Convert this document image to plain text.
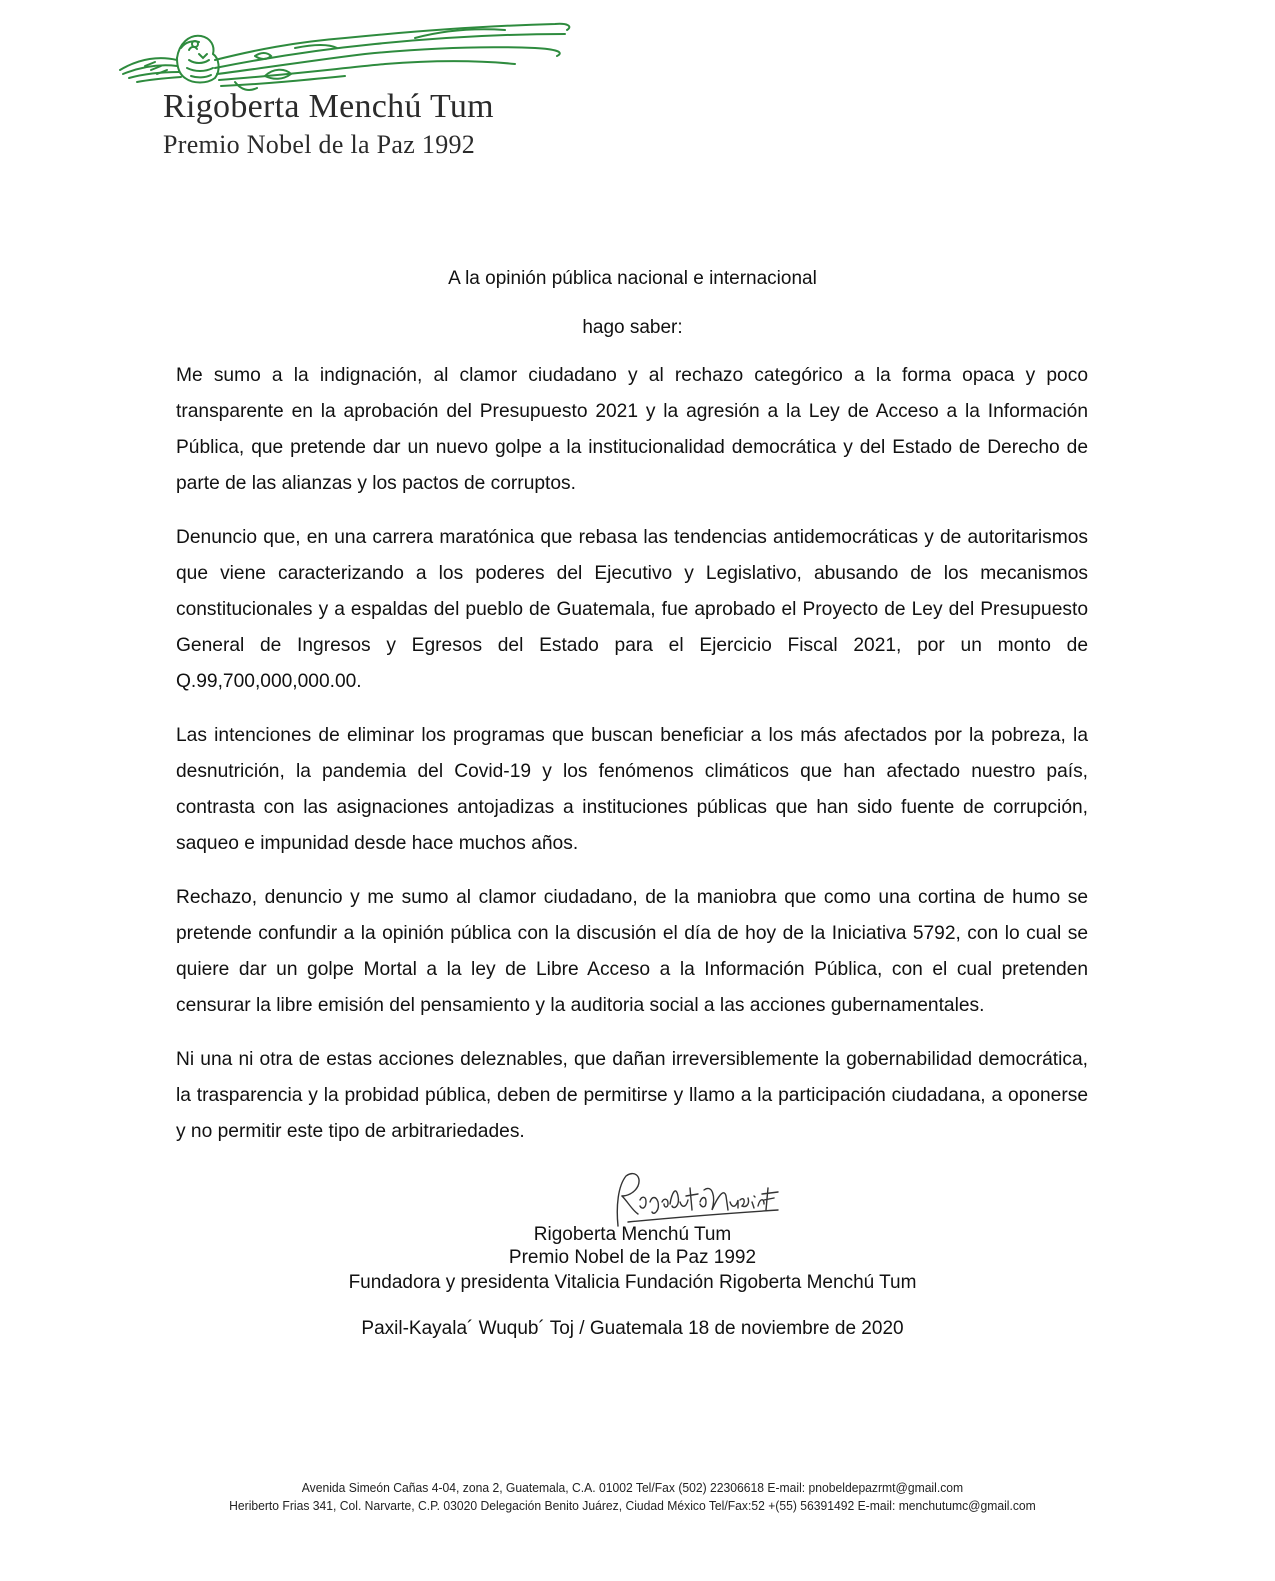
Rigoberta Menchú Tum
Premio Nobel de la Paz 1992
A la opinión pública nacional e internacional
hago saber:

Me sumo a la indignación, al clamor ciudadano y al rechazo categórico a la forma opaca y poco transparente en la aprobación del Presupuesto 2021 y la agresión a la Ley de Acceso a la Información Pública, que pretende dar un nuevo golpe a la institucionalidad democrática y del Estado de Derecho de parte de las alianzas y los pactos de corruptos.

Denuncio que, en una carrera maratónica que rebasa las tendencias antidemocráticas y de autoritarismos que viene caracterizando a los poderes del Ejecutivo y Legislativo, abusando de los mecanismos constitucionales y a espaldas del pueblo de Guatemala, fue aprobado el Proyecto de Ley del Presupuesto General de Ingresos y Egresos del Estado para el Ejercicio Fiscal 2021, por un monto de Q.99,700,000,000.00.

Las intenciones de eliminar los programas que buscan beneficiar a los más afectados por la pobreza, la desnutrición, la pandemia del Covid-19 y los fenómenos climáticos que han afectado nuestro país, contrasta con las asignaciones antojadizas a instituciones públicas que han sido fuente de corrupción, saqueo e impunidad desde hace muchos años.

Rechazo, denuncio y me sumo al clamor ciudadano, de la maniobra que como una cortina de humo se pretende confundir a la opinión pública con la discusión el día de hoy de la Iniciativa 5792, con lo cual se quiere dar un golpe Mortal a la ley de Libre Acceso a la Información Pública, con el cual pretenden censurar la libre emisión del pensamiento y la auditoria social a las acciones gubernamentales.

Ni una ni otra de estas acciones deleznables, que dañan irreversiblemente la gobernabilidad democrática, la trasparencia y la probidad pública, deben de permitirse y llamo a la participación ciudadana, a oponerse y no permitir este tipo de arbitrariedades.

Rigoberta Menchú Tum
Premio Nobel de la Paz 1992
Fundadora y presidenta Vitalicia Fundación Rigoberta Menchú Tum
Paxil-Kayala´ Wuqub´ Toj / Guatemala 18 de noviembre de 2020
Avenida Simeón Cañas 4-04, zona 2, Guatemala, C.A. 01002 Tel/Fax (502) 22306618 E-mail: pnobeldepazrmt@gmail.com
Heriberto Frias 341, Col. Narvarte, C.P. 03020 Delegación Benito Juárez, Ciudad México Tel/Fax:52 +(55) 56391492 E-mail: menchutumc@gmail.com
